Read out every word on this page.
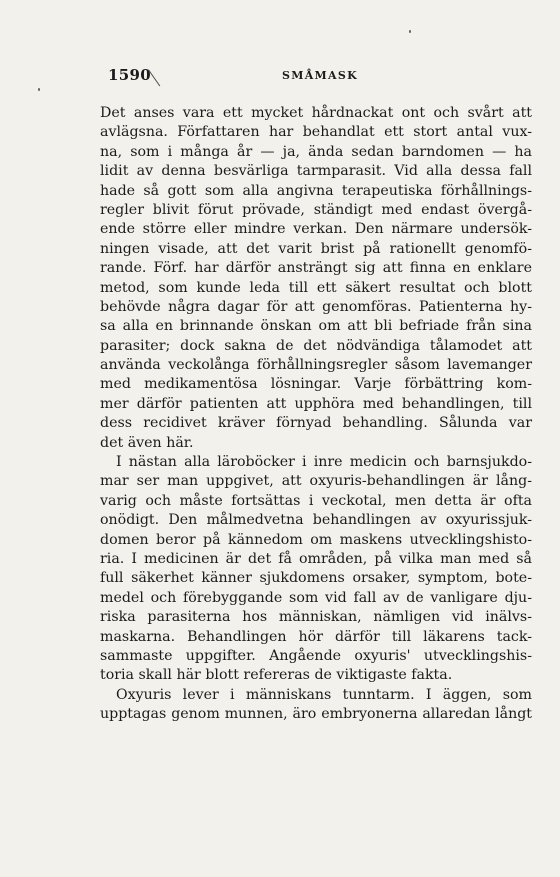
1590	SMÅMASK
Det anses vara ett mycket hårdnackat ont och svårt att
avlägsna. Författaren har behandlat ett stort antal vux-
na, som i många år — ja, ända sedan barndomen — ha
lidit av denna besvärliga tarmparasit. Vid alla dessa fall
hade så gott som alla angivna terapeutiska förhållnings-
regler blivit förut prövade, ständigt med endast övergå-
ende större eller mindre verkan. Den närmare undersök-
ningen visade, att det varit brist på rationellt genomfö-
rande. Förf. har därför ansträngt sig att finna en enklare
metod, som kunde leda till ett säkert resultat och blott
behövde några dagar för att genomföras. Patienterna hy-
sa alla en brinnande önskan om att bli befriade från sina
parasiter; dock sakna de det nödvändiga tålamodet att
använda veckolånga förhållningsregler såsom lavemanger
med medikamentösa lösningar. Varje förbättring kom-
mer därför patienten att upphöra med behandlingen, till
dess recidivet kräver förnyad behandling. Sålunda var
det även här.
I nästan alla läroböcker i inre medicin och barnsjukdo-
mar ser man uppgivet, att oxyuris-behandlingen är lång-
varig och måste fortsättas i veckotal, men detta är ofta
onödigt. Den målmedvetna behandlingen av oxyurissjuk-
domen beror på kännedom om maskens utvecklingshisto-
ria. I medicinen är det få områden, på vilka man med så
full säkerhet känner sjukdomens orsaker, symptom, bote-
medel och förebyggande som vid fall av de vanligare dju-
riska parasiterna hos människan, nämligen vid inälvs-
maskarna. Behandlingen hör därför till läkarens tack-
sammaste uppgifter. Angående oxyuris' utvecklingshis-
toria skall här blott refereras de viktigaste fakta.
Oxyuris lever i människans tunntarm. I äggen, som
upptagas genom munnen, äro embryonerna allaredan långt
